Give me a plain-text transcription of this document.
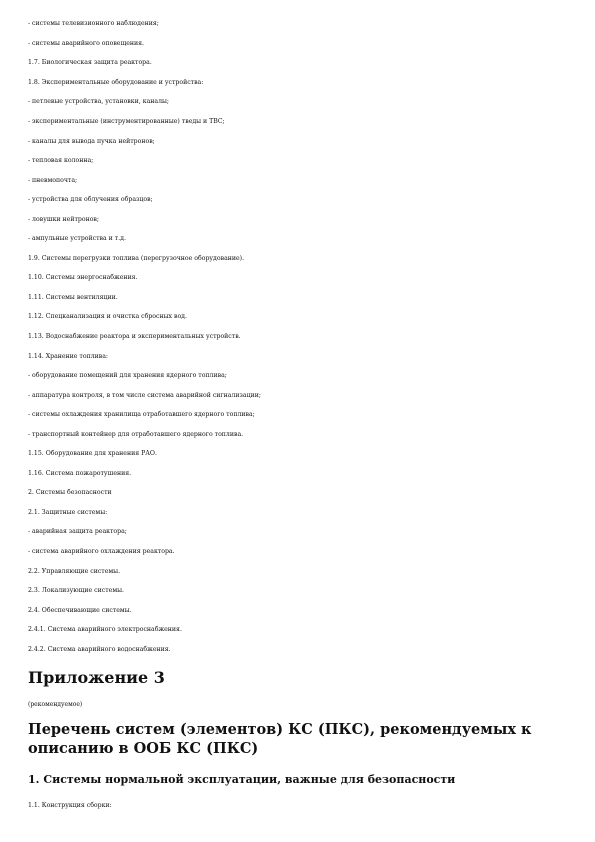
- системы телевизионного наблюдения;
- системы аварийного оповещения.
1.7. Биологическая защита реактора.
1.8. Экспериментальные оборудование и устройства:
- петлевые устройства, установки, каналы;
- экспериментальные (инструментированные) тведы и ТВС;
- каналы для вывода пучка нейтронов;
- тепловая колонна;
- пневмопочта;
- устройства для облучения образцов;
- ловушки нейтронов;
- ампульные устройства и т.д.
1.9. Системы перегрузки топлива (перегрузочное оборудование).
1.10. Системы энергоснабжения.
1.11. Системы вентиляции.
1.12. Спецканализация и очистка сбросных вод.
1.13. Водоснабжение реактора и экспериментальных устройств.
1.14. Хранение топлива:
- оборудование помещений для хранения ядерного топлива;
- аппаратура контроля, в том числе система аварийной сигнализации;
- системы охлаждения хранилища отработавшего ядерного топлива;
- транспортный контейнер для отработавшего ядерного топлива.
1.15. Оборудование для хранения РАО.
1.16. Система пожаротушения.
2. Системы безопасности
2.1. Защитные системы:
- аварийная защита реактора;
- система аварийного охлаждения реактора.
2.2. Управляющие системы.
2.3. Локализующие системы.
2.4. Обеспечивающие системы.
2.4.1. Система аварийного электроснабжения.
2.4.2. Система аварийного водоснабжения.
Приложение 3
(рекомендуемое)
Перечень систем (элементов) КС (ПКС), рекомендуемых к описанию в ООБ КС (ПКС)
1. Системы нормальной эксплуатации, важные для безопасности
1.1. Конструкция сборки:
